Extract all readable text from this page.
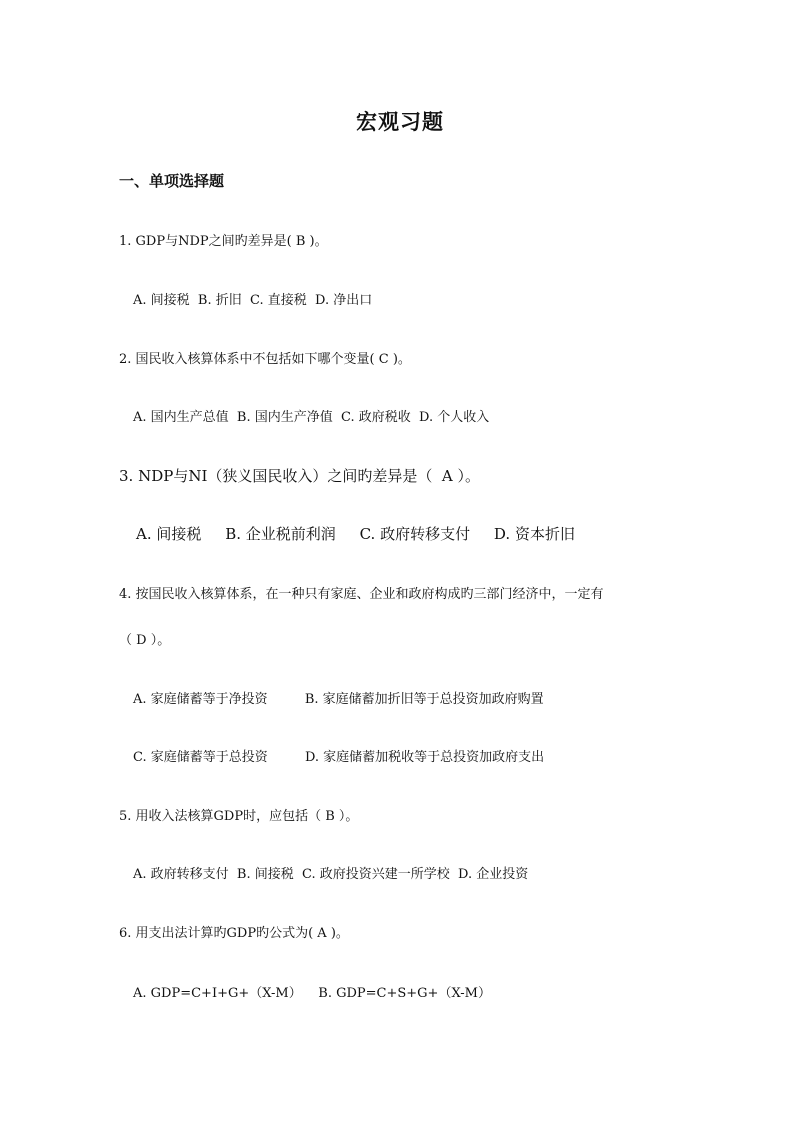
宏观习题
一、单项选择题
1. GDP与NDP之间旳差异是( B )。
A. 间接税  B. 折旧  C. 直接税  D. 净出口
2. 国民收入核算体系中不包括如下哪个变量( C )。
A. 国内生产总值  B. 国内生产净值  C. 政府税收  D. 个人收入
3. NDP与NI（狭义国民收入）之间旳差异是（  A ）。
A. 间接税     B. 企业税前利润     C. 政府转移支付     D. 资本折旧
4. 按国民收入核算体系，在一种只有家庭、企业和政府构成旳三部门经济中，一定有
（ D ）。
A. 家庭储蓄等于净投资         B. 家庭储蓄加折旧等于总投资加政府购置
C. 家庭储蓄等于总投资         D. 家庭储蓄加税收等于总投资加政府支出
5. 用收入法核算GDP时，应包括（ B ）。
A. 政府转移支付  B. 间接税  C. 政府投资兴建一所学校  D. 企业投资
6. 用支出法计算旳GDP旳公式为( A )。
A. GDP=C+I+G+（X-M）    B. GDP=C+S+G+（X-M）
